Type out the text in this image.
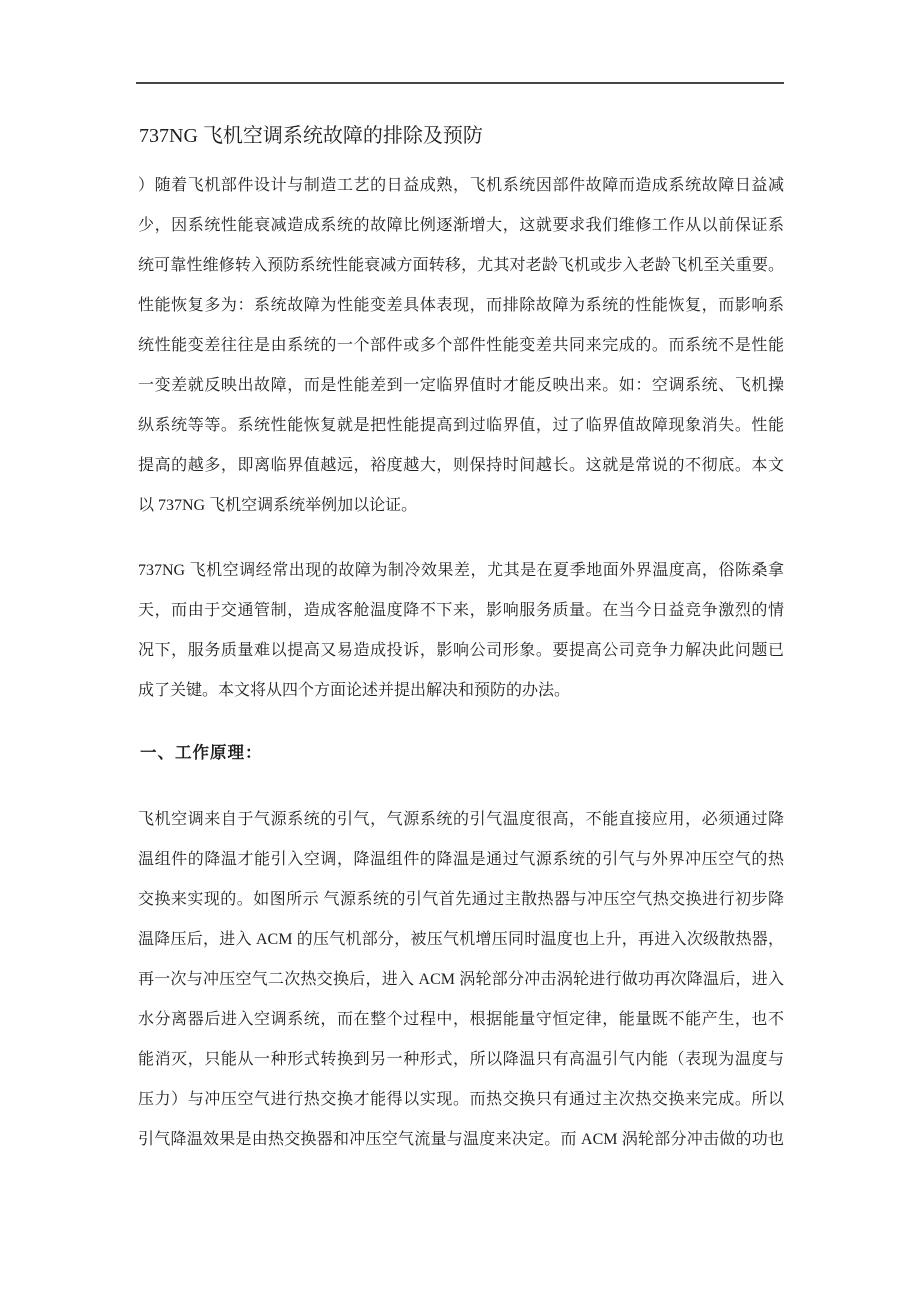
737NG 飞机空调系统故障的排除及预防
）随着飞机部件设计与制造工艺的日益成熟，飞机系统因部件故障而造成系统故障日益减
少，因系统性能衰减造成系统的故障比例逐渐增大，这就要求我们维修工作从以前保证系
统可靠性维修转入预防系统性能衰减方面转移，尤其对老龄飞机或步入老龄飞机至关重要。
性能恢复多为：系统故障为性能变差具体表现，而排除故障为系统的性能恢复，而影响系
统性能变差往往是由系统的一个部件或多个部件性能变差共同来完成的。而系统不是性能
一变差就反映出故障，而是性能差到一定临界值时才能反映出来。如：空调系统、飞机操
纵系统等等。系统性能恢复就是把性能提高到过临界值，过了临界值故障现象消失。性能
提高的越多，即离临界值越远，裕度越大，则保持时间越长。这就是常说的不彻底。本文
以 737NG 飞机空调系统举例加以论证。
737NG 飞机空调经常出现的故障为制冷效果差，尤其是在夏季地面外界温度高，俗陈桑拿
天，而由于交通管制，造成客舱温度降不下来，影响服务质量。在当今日益竞争激烈的情
况下，服务质量难以提高又易造成投诉，影响公司形象。要提高公司竞争力解决此问题已
成了关键。本文将从四个方面论述并提出解决和预防的办法。
一、工作原理：
飞机空调来自于气源系统的引气，气源系统的引气温度很高，不能直接应用，必须通过降
温组件的降温才能引入空调，降温组件的降温是通过气源系统的引气与外界冲压空气的热
交换来实现的。如图所示 气源系统的引气首先通过主散热器与冲压空气热交换进行初步降
温降压后，进入 ACM 的压气机部分，被压气机增压同时温度也上升，再进入次级散热器，
再一次与冲压空气二次热交换后，进入 ACM 涡轮部分冲击涡轮进行做功再次降温后，进入
水分离器后进入空调系统，而在整个过程中，根据能量守恒定律，能量既不能产生，也不
能消灭，只能从一种形式转换到另一种形式，所以降温只有高温引气内能（表现为温度与
压力）与冲压空气进行热交换才能得以实现。而热交换只有通过主次热交换来完成。所以
引气降温效果是由热交换器和冲压空气流量与温度来决定。而 ACM 涡轮部分冲击做的功也
